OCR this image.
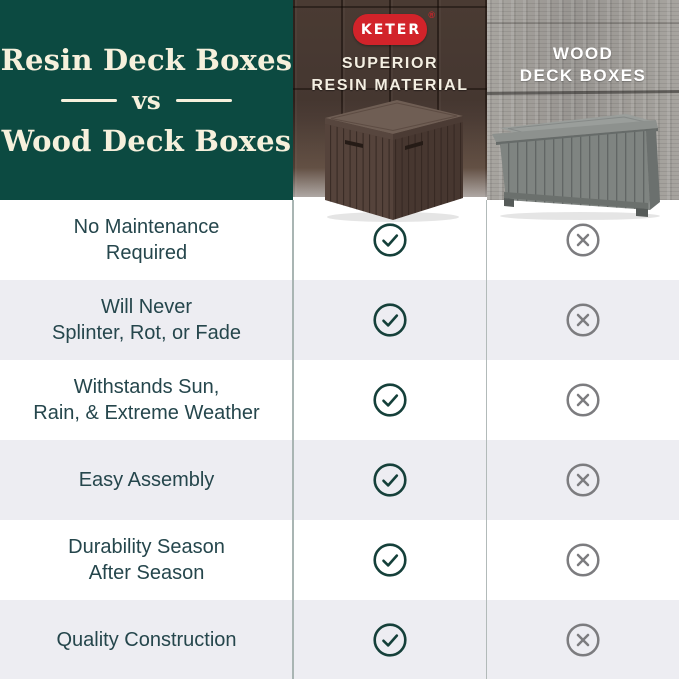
Resin Deck Boxes
vs
Wood Deck Boxes
KETER
®
SUPERIOR
RESIN MATERIAL
WOOD
DECK BOXES
No Maintenance
Required
Will Never
Splinter, Rot, or Fade
Withstands Sun,
Rain, & Extreme Weather
Easy Assembly
Durability Season
After Season
Quality Construction
